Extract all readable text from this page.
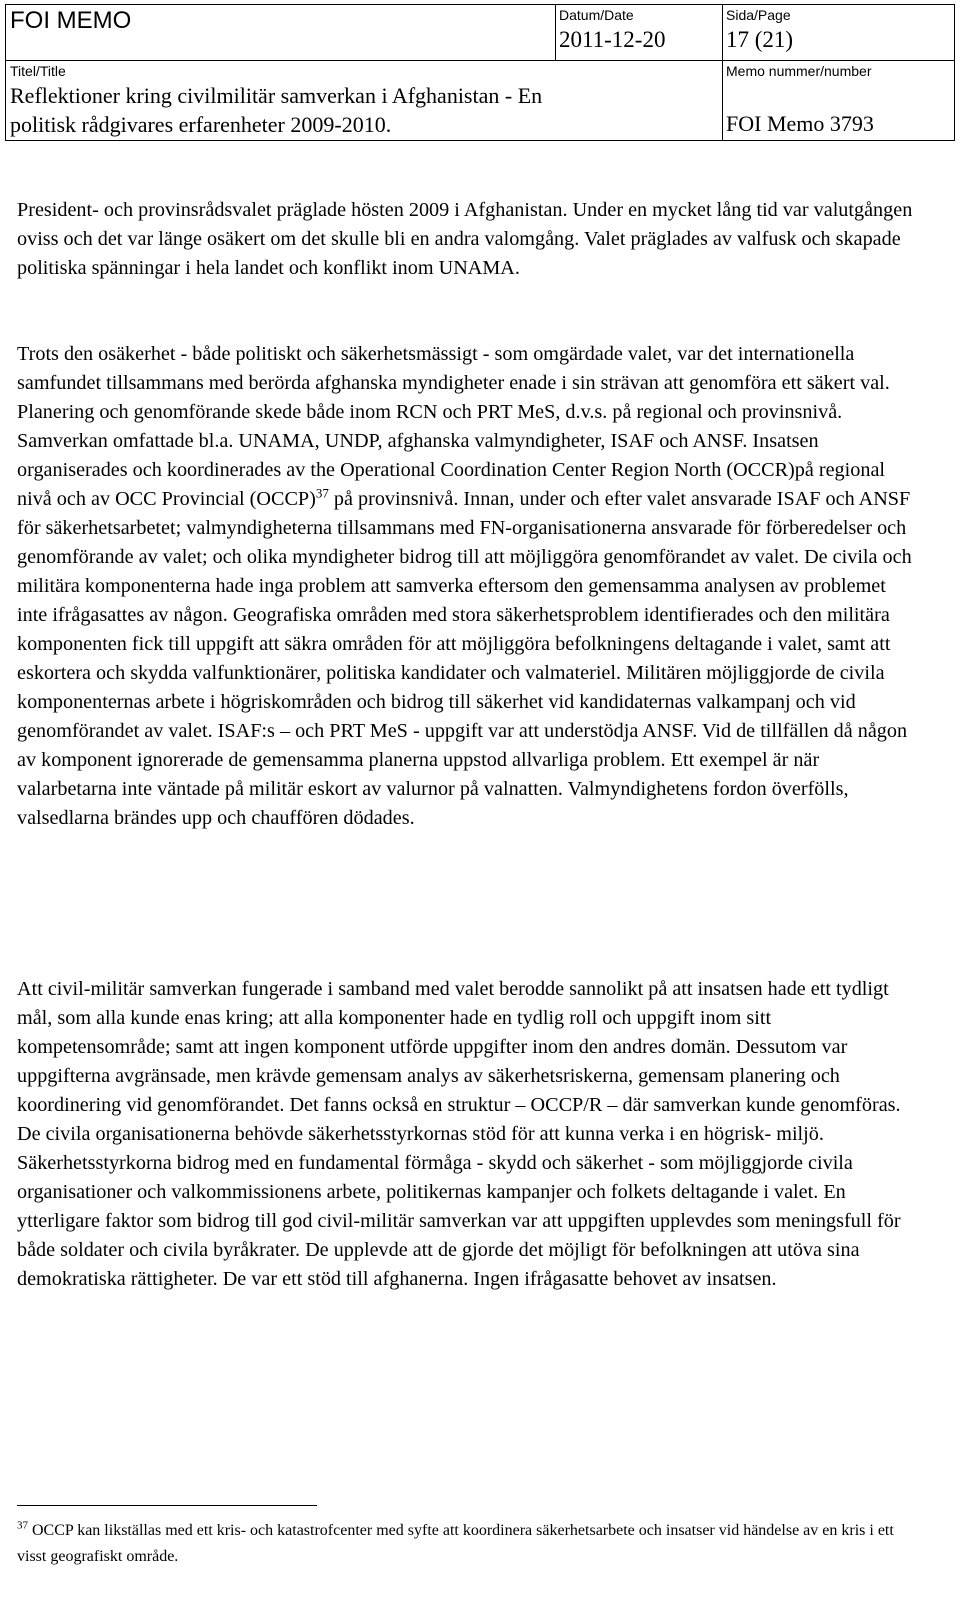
FOI MEMO	Datum/Date
2011-12-20
Sida/Page
17 (21)
Titel/Title
Reflektioner kring civilmilitär samverkan i Afghanistan - En
politisk rådgivares erfarenheter 2009-2010.
Memo nummer/number
FOI Memo 3793

President- och provinsrådsvalet präglade hösten 2009 i Afghanistan. Under en mycket lång tid var valutgången oviss och det var länge osäkert om det skulle bli en andra valomgång. Valet präglades av valfusk och skapade politiska spänningar i hela landet och konflikt inom UNAMA.

Trots den osäkerhet - både politiskt och säkerhetsmässigt - som omgärdade valet, var det internationella samfundet tillsammans med berörda afghanska myndigheter enade i sin strävan att genomföra ett säkert val. Planering och genomförande skede både inom RCN och PRT MeS, d.v.s. på regional och provinsnivå. Samverkan omfattade bl.a. UNAMA, UNDP, afghanska valmyndigheter, ISAF och ANSF. Insatsen organiserades och koordinerades av the Operational Coordination Center Region North (OCCR)på regional nivå och av OCC Provincial (OCCP)$^{37}$ på provinsnivå. Innan, under och efter valet ansvarade ISAF och ANSF för säkerhetsarbetet; valmyndigheterna tillsammans med FN-organisationerna ansvarade för förberedelser och genomförande av valet; och olika myndigheter bidrog till att möjliggöra genomförandet av valet. De civila och militära komponenterna hade inga problem att samverka eftersom den gemensamma analysen av problemet inte ifrågasattes av någon. Geografiska områden med stora säkerhetsproblem identifierades och den militära komponenten fick till uppgift att säkra områden för att möjliggöra befolkningens deltagande i valet, samt att eskortera och skydda valfunktionärer, politiska kandidater och valmateriel. Militären möjliggjorde de civila komponenternas arbete i högriskområden och bidrog till säkerhet vid kandidaternas valkampanj och vid genomförandet av valet. ISAF:s – och PRT MeS - uppgift var att understödja ANSF. Vid de tillfällen då någon av komponent ignorerade de gemensamma planerna uppstod allvarliga problem. Ett exempel är när valarbetarna inte väntade på militär eskort av valurnor på valnatten. Valmyndighetens fordon överfölls, valsedlarna brändes upp och chauffören dödades.

Att civil-militär samverkan fungerade i samband med valet berodde sannolikt på att insatsen hade ett tydligt mål, som alla kunde enas kring; att alla komponenter hade en tydlig roll och uppgift inom sitt kompetensområde; samt att ingen komponent utförde uppgifter inom den andres domän. Dessutom var uppgifterna avgränsade, men krävde gemensam analys av säkerhetsriskerna, gemensam planering och koordinering vid genomförandet. Det fanns också en struktur – OCCP/R – där samverkan kunde genomföras. De civila organisationerna behövde säkerhetsstyrkornas stöd för att kunna verka i en högrisk- miljö. Säkerhetsstyrkorna bidrog med en fundamental förmåga - skydd och säkerhet - som möjliggjorde civila organisationer och valkommissionens arbete, politikernas kampanjer och folkets deltagande i valet. En ytterligare faktor som bidrog till god civil-militär samverkan var att uppgiften upplevdes som meningsfull för både soldater och civila byråkrater. De upplevde att de gjorde det möjligt för befolkningen att utöva sina demokratiska rättigheter. De var ett stöd till afghanerna. Ingen ifrågasatte behovet av insatsen.

$^{37}$ OCCP kan likställas med ett kris- och katastrofcenter med syfte att koordinera säkerhetsarbete och insatser vid händelse av en kris i ett visst geografiskt område.
